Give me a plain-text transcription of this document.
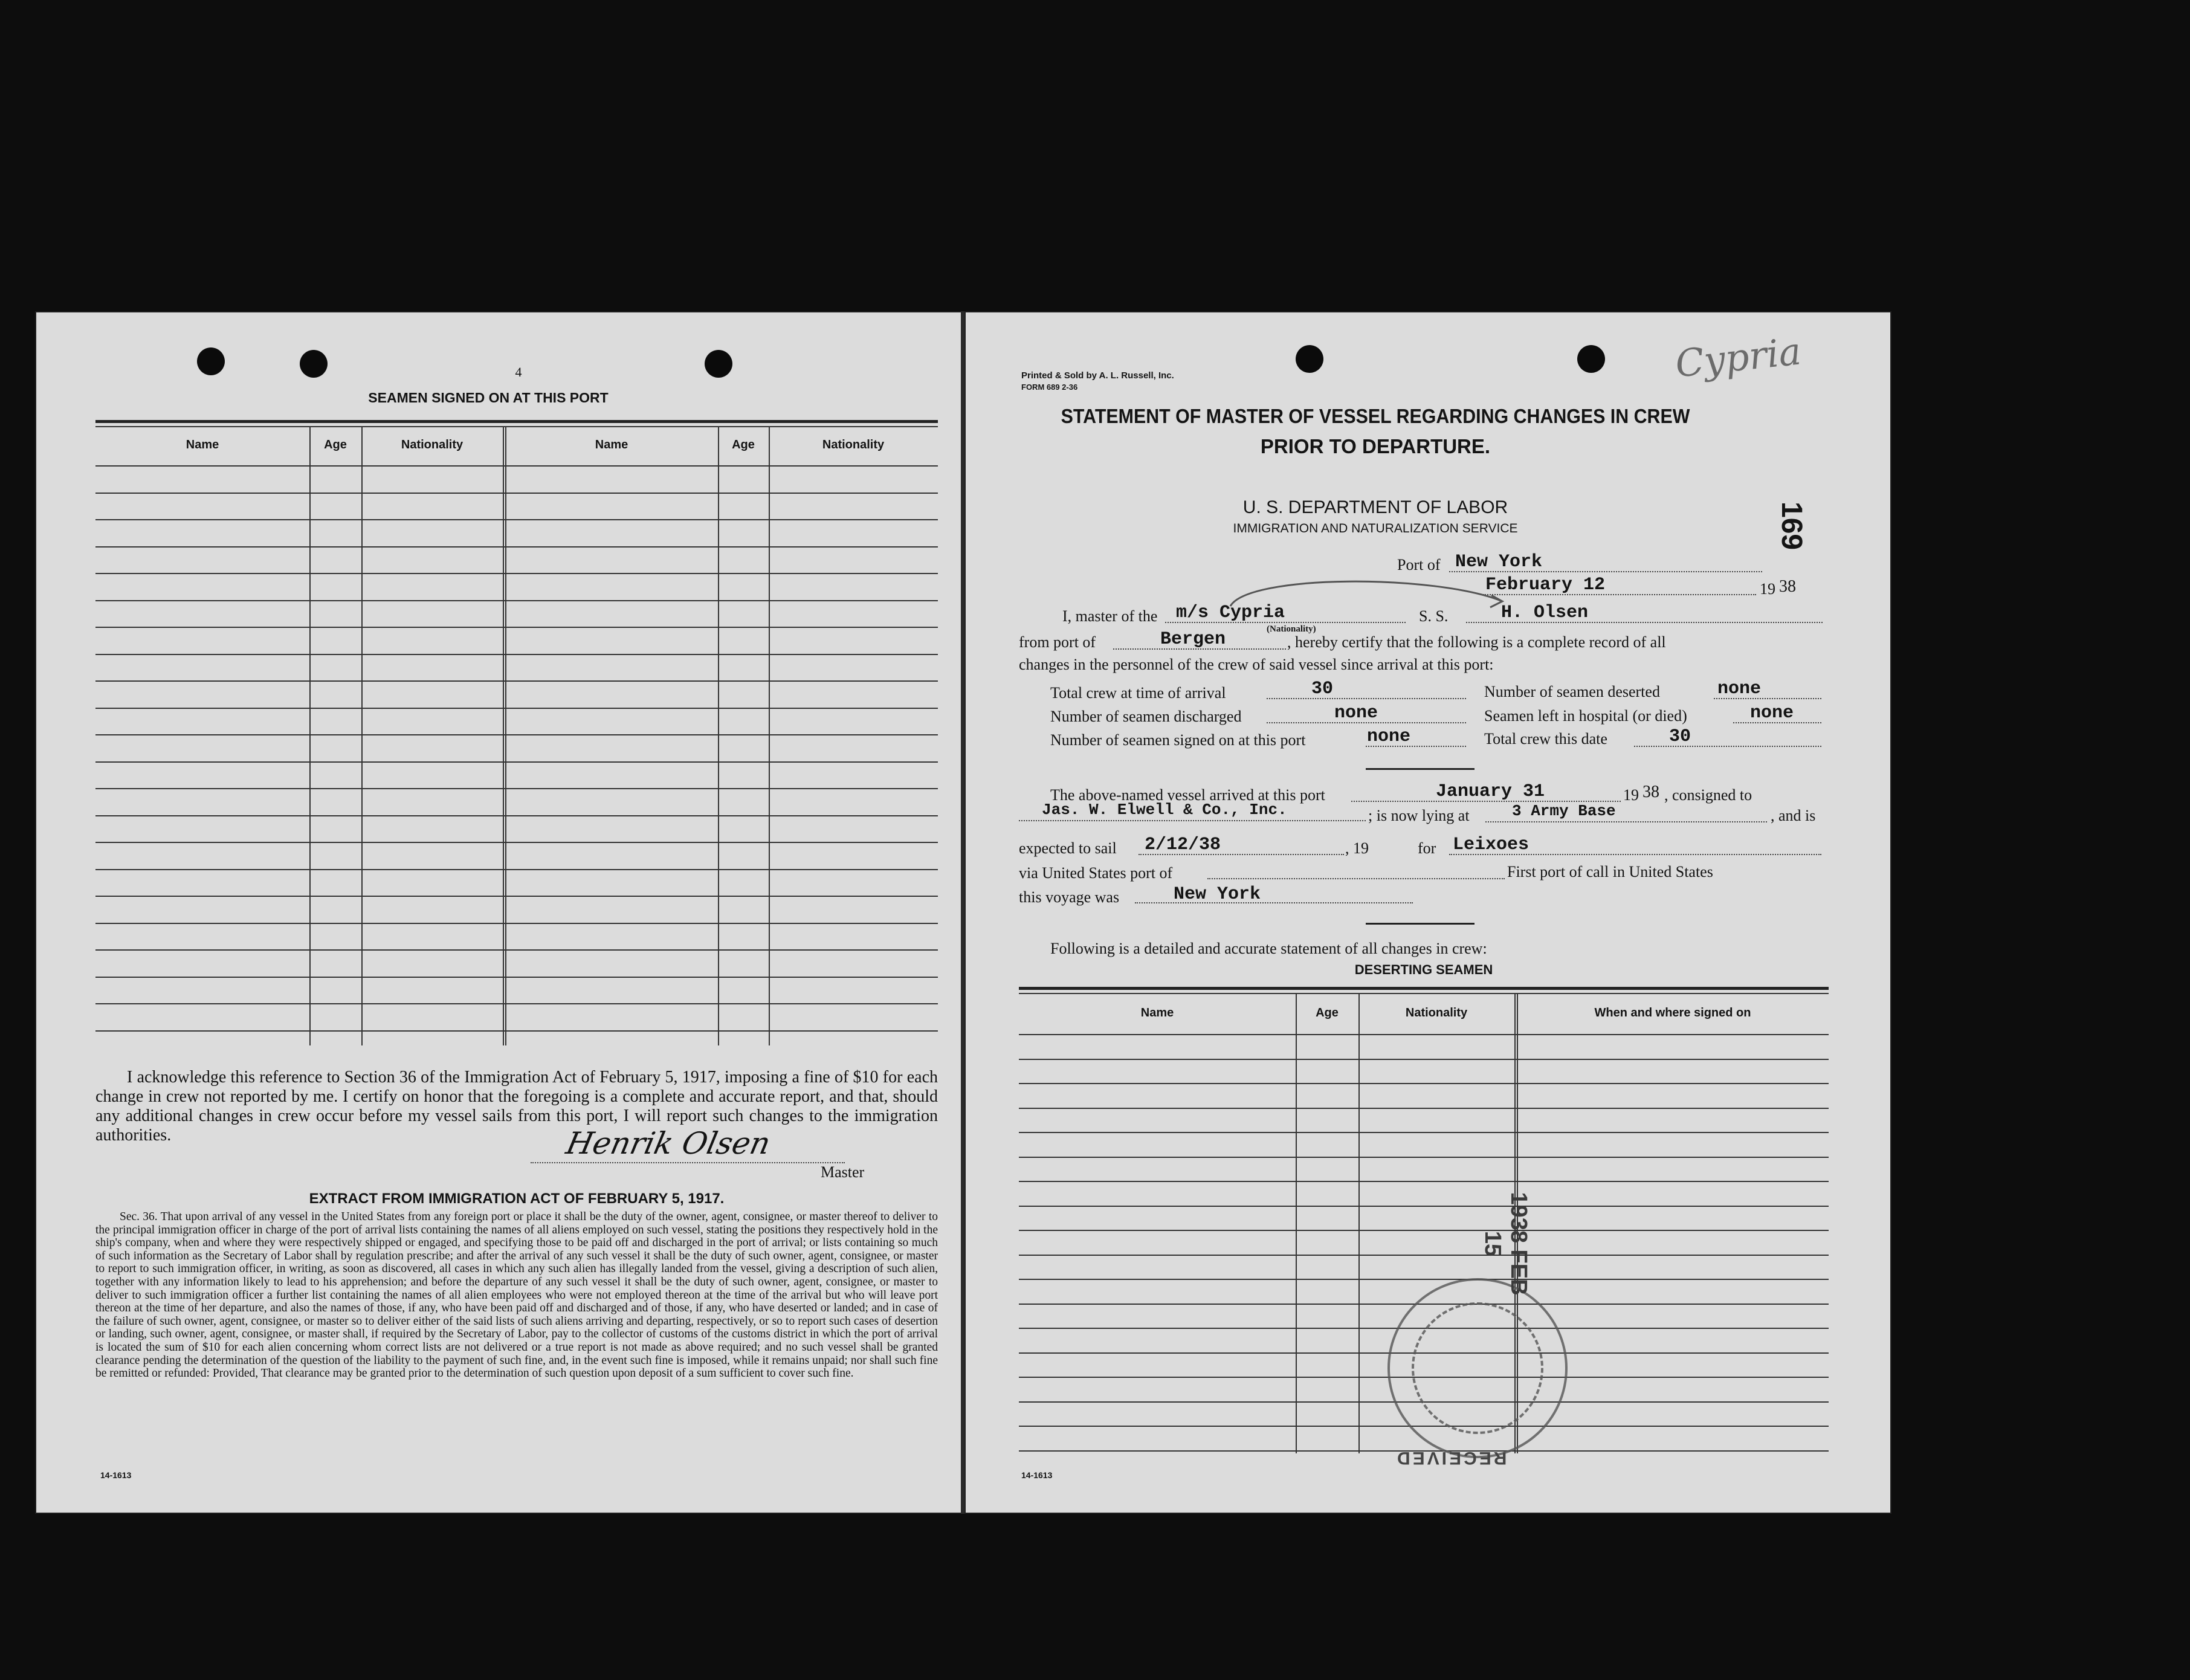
4
SEAMEN SIGNED ON AT THIS PORT
Name	Age	Nationality	Name	Age	Nationality
I acknowledge this reference to Section 36 of the Immigration Act of February 5, 1917, imposing a fine of $10 for each change in crew not reported by me. I certify on honor that the foregoing is a complete and accurate report, and that, should any additional changes in crew occur before my vessel sails from this port, I will report such changes to the immigration authorities.	Henrik Olsen
Master
EXTRACT FROM IMMIGRATION ACT OF FEBRUARY 5, 1917.
Sec. 36. That upon arrival of any vessel in the United States from any foreign port or place it shall be the duty of the owner, agent, consignee, or master thereof to deliver to the principal immigration officer in charge of the port of arrival lists containing the names of all aliens employed on such vessel, stating the positions they respectively hold in the ship's company, when and where they were respectively shipped or engaged, and specifying those to be paid off and discharged in the port of arrival; or lists containing so much of such information as the Secretary of Labor shall by regulation prescribe; and after the arrival of any such vessel it shall be the duty of such owner, agent, consignee, or master to report to such immigration officer, in writing, as soon as discovered, all cases in which any such alien has illegally landed from the vessel, giving a description of such alien, together with any information likely to lead to his apprehension; and before the departure of any such vessel it shall be the duty of such owner, agent, consignee, or master to deliver to such immigration officer a further list containing the names of all alien employees who were not employed thereon at the time of the arrival but who will leave port thereon at the time of her departure, and also the names of those, if any, who have been paid off and discharged and of those, if any, who have deserted or landed; and in case of the failure of such owner, agent, consignee, or master so to deliver either of the said lists of such aliens arriving and departing, respectively, or so to report such cases of desertion or landing, such owner, agent, consignee, or master shall, if required by the Secretary of Labor, pay to the collector of customs of the customs district in which the port of arrival is located the sum of $10 for each alien concerning whom correct lists are not delivered or a true report is not made as above required; and no such vessel shall be granted clearance pending the determination of the question of the liability to the payment of such fine, and, in the event such fine is imposed, while it remains unpaid; nor shall such fine be remitted or refunded: Provided, That clearance may be granted prior to the determination of such question upon deposit of a sum sufficient to cover such fine.
14-1613
Printed & Sold by A. L. Russell, Inc.
FORM 689 2-36
Cypria
STATEMENT OF MASTER OF VESSEL REGARDING CHANGES IN CREW
PRIOR TO DEPARTURE.
U. S. DEPARTMENT OF LABOR
IMMIGRATION AND NATURALIZATION SERVICE	169
Port of New York
February 12	19 38
I, master of the m/s Cypria
(Nationality)
S. S.	H. Olsen
from port of	Bergen	, hereby certify that the following is a complete record of all
changes in the personnel of the crew of said vessel since arrival at this port:
Total crew at time of arrival	30
Number of seamen discharged	none
Number of seamen signed on at this port	none
Number of seamen deserted	none
Seamen left in hospital (or died)	none
Total crew this date	30
The above-named vessel arrived at this port	January 31	19 38 , consigned to
Jas. W. Elwell & Co., Inc.	; is now lying at	3 Army Base	, and is
expected to sail 2/12/38	, 19	for Leixoes
via United States port of	First port of call in United States
this voyage was	New York
Following is a detailed and accurate statement of all changes in crew:
DESERTING SEAMEN
Name	Age	Nationality	When and where signed on
1938 FEB 15
RECEIVED
14-1613
